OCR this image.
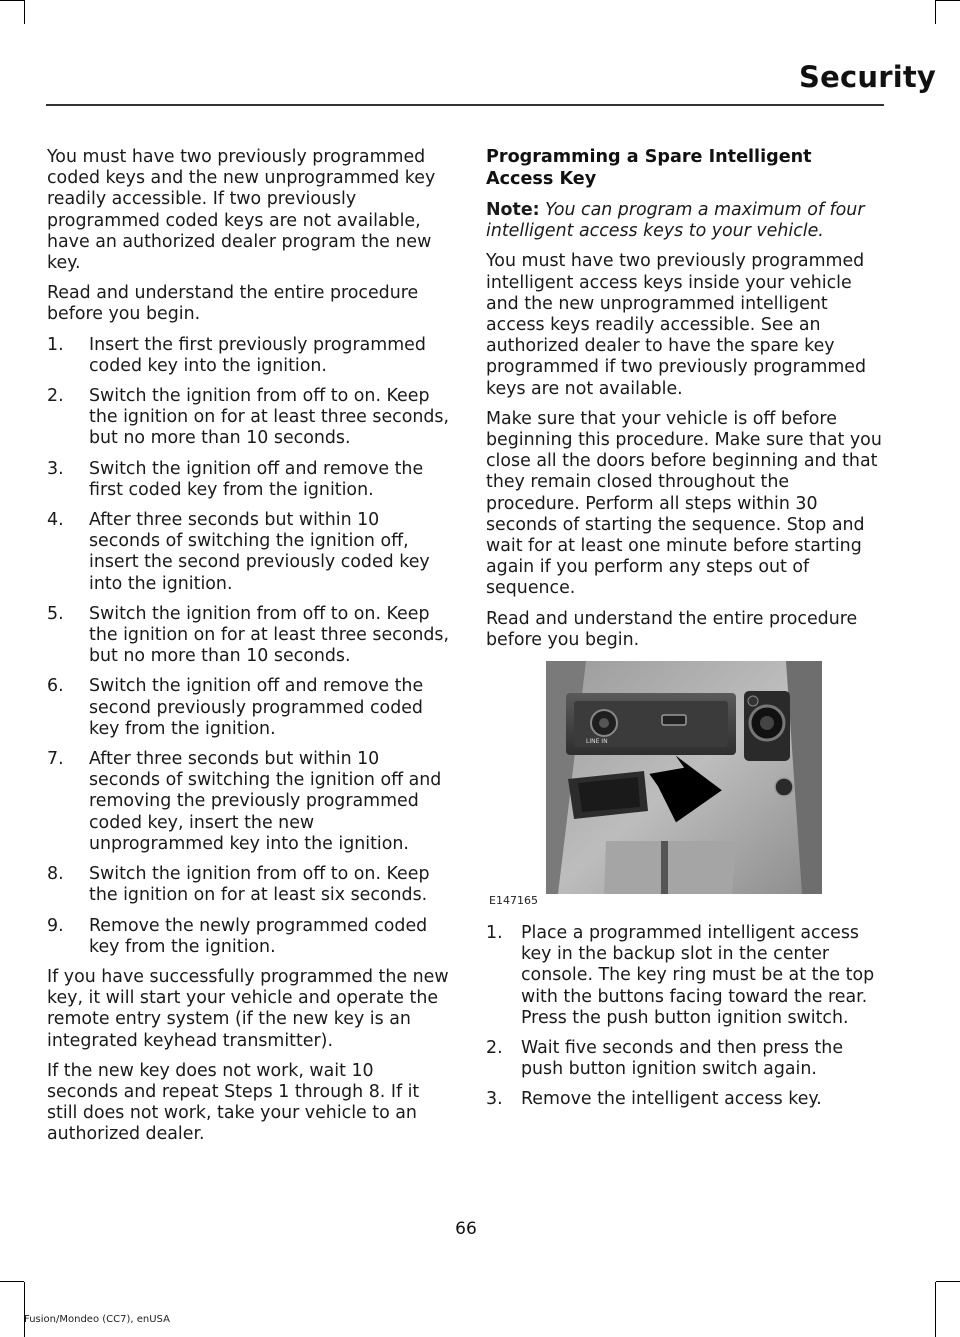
Security

You must have two previously programmed coded keys and the new unprogrammed key readily accessible. If two previously programmed coded keys are not available, have an authorized dealer program the new key.

Read and understand the entire procedure before you begin.

1. Insert the first previously programmed coded key into the ignition.
2. Switch the ignition from off to on. Keep the ignition on for at least three seconds, but no more than 10 seconds.
3. Switch the ignition off and remove the first coded key from the ignition.
4. After three seconds but within 10 seconds of switching the ignition off, insert the second previously coded key into the ignition.
5. Switch the ignition from off to on. Keep the ignition on for at least three seconds, but no more than 10 seconds.
6. Switch the ignition off and remove the second previously programmed coded key from the ignition.
7. After three seconds but within 10 seconds of switching the ignition off and removing the previously programmed coded key, insert the new unprogrammed key into the ignition.
8. Switch the ignition from off to on. Keep the ignition on for at least six seconds.
9. Remove the newly programmed coded key from the ignition.

If you have successfully programmed the new key, it will start your vehicle and operate the remote entry system (if the new key is an integrated keyhead transmitter).

If the new key does not work, wait 10 seconds and repeat Steps 1 through 8. If it still does not work, take your vehicle to an authorized dealer.

Programming a Spare Intelligent Access Key

Note: You can program a maximum of four intelligent access keys to your vehicle.

You must have two previously programmed intelligent access keys inside your vehicle and the new unprogrammed intelligent access keys readily accessible. See an authorized dealer to have the spare key programmed if two previously programmed keys are not available.

Make sure that your vehicle is off before beginning this procedure. Make sure that you close all the doors before beginning and that they remain closed throughout the procedure. Perform all steps within 30 seconds of starting the sequence. Stop and wait for at least one minute before starting again if you perform any steps out of sequence.

Read and understand the entire procedure before you begin.

LINE IN
E147165
1. Place a programmed intelligent access key in the backup slot in the center console. The key ring must be at the top with the buttons facing toward the rear. Press the push button ignition switch.
2. Wait five seconds and then press the push button ignition switch again.
3. Remove the intelligent access key.
66
Fusion/Mondeo (CC7), enUSA
